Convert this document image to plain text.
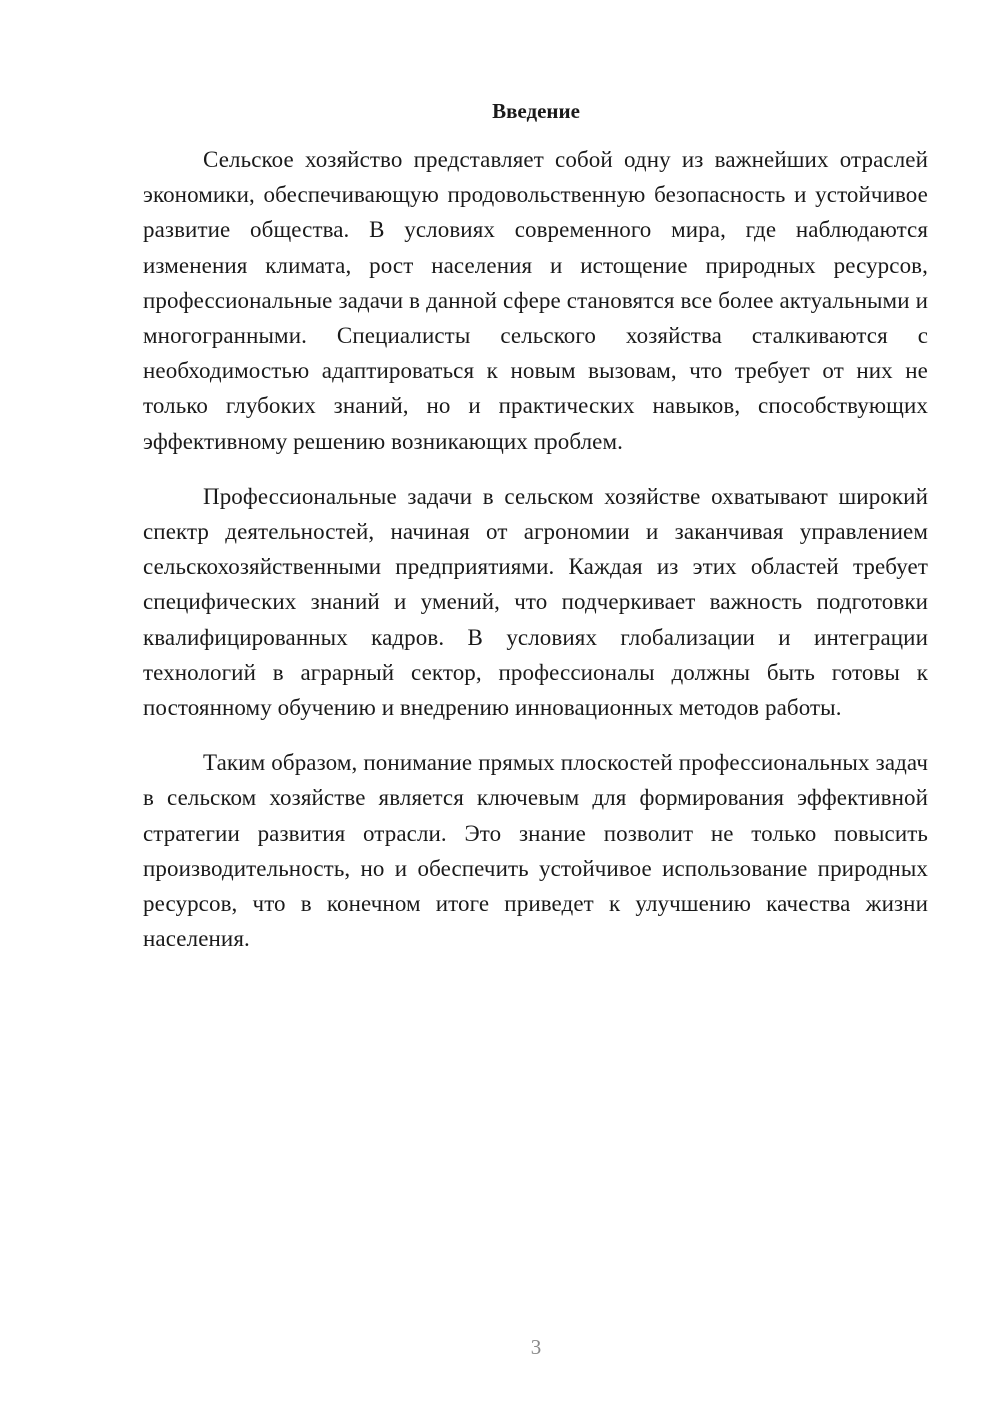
Введение

Сельское хозяйство представляет собой одну из важнейших отраслей экономики, обеспечивающую продовольственную безопасность и устойчивое развитие общества. В условиях современного мира, где наблюдаются изменения климата, рост населения и истощение природных ресурсов, профессиональные задачи в данной сфере становятся все более актуальными и многогранными. Специалисты сельского хозяйства сталкиваются с необходимостью адаптироваться к новым вызовам, что требует от них не только глубоких знаний, но и практических навыков, способствующих эффективному решению возникающих проблем.

Профессиональные задачи в сельском хозяйстве охватывают широкий спектр деятельностей, начиная от агрономии и заканчивая управлением сельскохозяйственными предприятиями. Каждая из этих областей требует специфических знаний и умений, что подчеркивает важность подготовки квалифицированных кадров. В условиях глобализации и интеграции технологий в аграрный сектор, профессионалы должны быть готовы к постоянному обучению и внедрению инновационных методов работы.

Таким образом, понимание прямых плоскостей профессиональных задач в сельском хозяйстве является ключевым для формирования эффективной стратегии развития отрасли. Это знание позволит не только повысить производительность, но и обеспечить устойчивое использование природных ресурсов, что в конечном итоге приведет к улучшению качества жизни населения.

3
